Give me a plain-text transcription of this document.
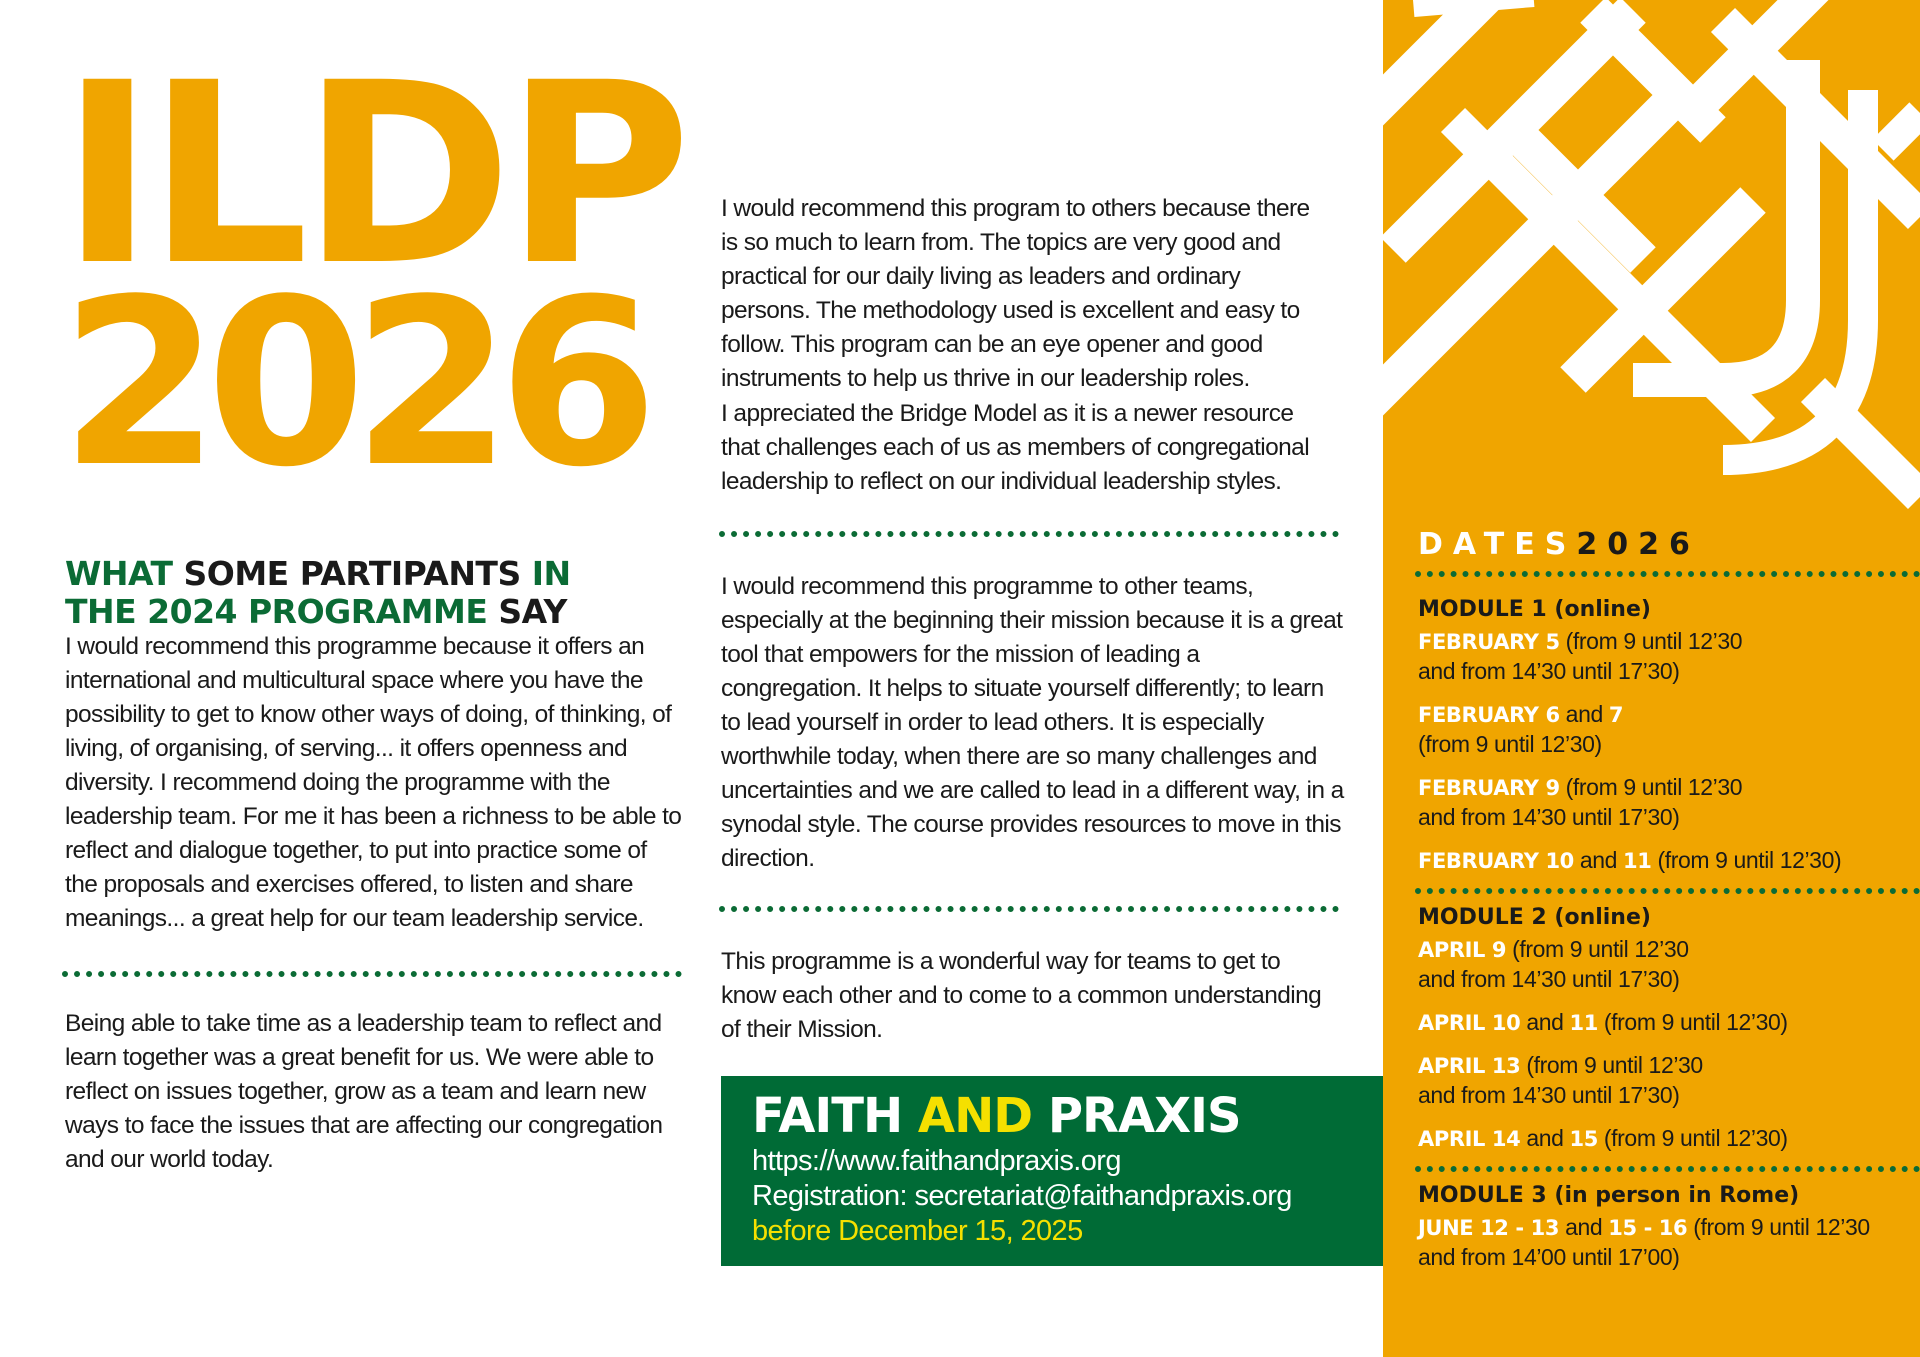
ILDP
2026
WHAT SOME PARTIPANTS IN
THE 2024 PROGRAMME SAY
I would recommend this programme because it offers an international and multicultural space where you have the possibility to get to know other ways of doing, of thinking, of living, of organising, of serving... it offers openness and diversity. I recommend doing the programme with the leadership team. For me it has been a richness to be able to reflect and dialogue together, to put into practice some of the proposals and exercises offered, to listen and share meanings... a great help for our team leadership service.
Being able to take time as a leadership team to reflect and learn together was a great benefit for us. We were able to reflect on issues together, grow as a team and learn new ways to face the issues that are affecting our congregation and our world today.
I would recommend this program to others because there is so much to learn from. The topics are very good and practical for our daily living as leaders and ordinary persons. The methodology used is excellent and easy to follow. This program can be an eye opener and good instruments to help us thrive in our leadership roles.
I appreciated the Bridge Model as it is a newer resource that challenges each of us as members of congregational leadership to reflect on our individual leadership styles.
I would recommend this programme to other teams, especially at the beginning their mission because it is a great tool that empowers for the mission of leading a congregation. It helps to situate yourself differently; to learn to lead yourself in order to lead others. It is especially worthwhile today, when there are so many challenges and uncertainties and we are called to lead in a different way, in a synodal style. The course provides resources to move in this direction.
This programme is a wonderful way for teams to get to know each other and to come to a common understanding of their Mission.
FAITH AND PRAXIS
https://www.faithandpraxis.org
Registration: secretariat@faithandpraxis.org
before December 15, 2025
DATES2026
MODULE 1 (online)
FEBRUARY 5 (from 9 until 12’30
and from 14’30 until 17’30)
FEBRUARY 6 and 7
(from 9 until 12’30)
FEBRUARY 9 (from 9 until 12’30
and from 14’30 until 17’30)
FEBRUARY 10 and 11 (from 9 until 12’30)
MODULE 2 (online)
APRIL 9 (from 9 until 12’30
and from 14’30 until 17’30)
APRIL 10 and 11 (from 9 until 12’30)
APRIL 13 (from 9 until 12’30
and from 14’30 until 17’30)
APRIL 14 and 15 (from 9 until 12’30)
MODULE 3 (in person in Rome)
JUNE 12 - 13 and 15 - 16 (from 9 until 12’30
and from 14’00 until 17’00)
